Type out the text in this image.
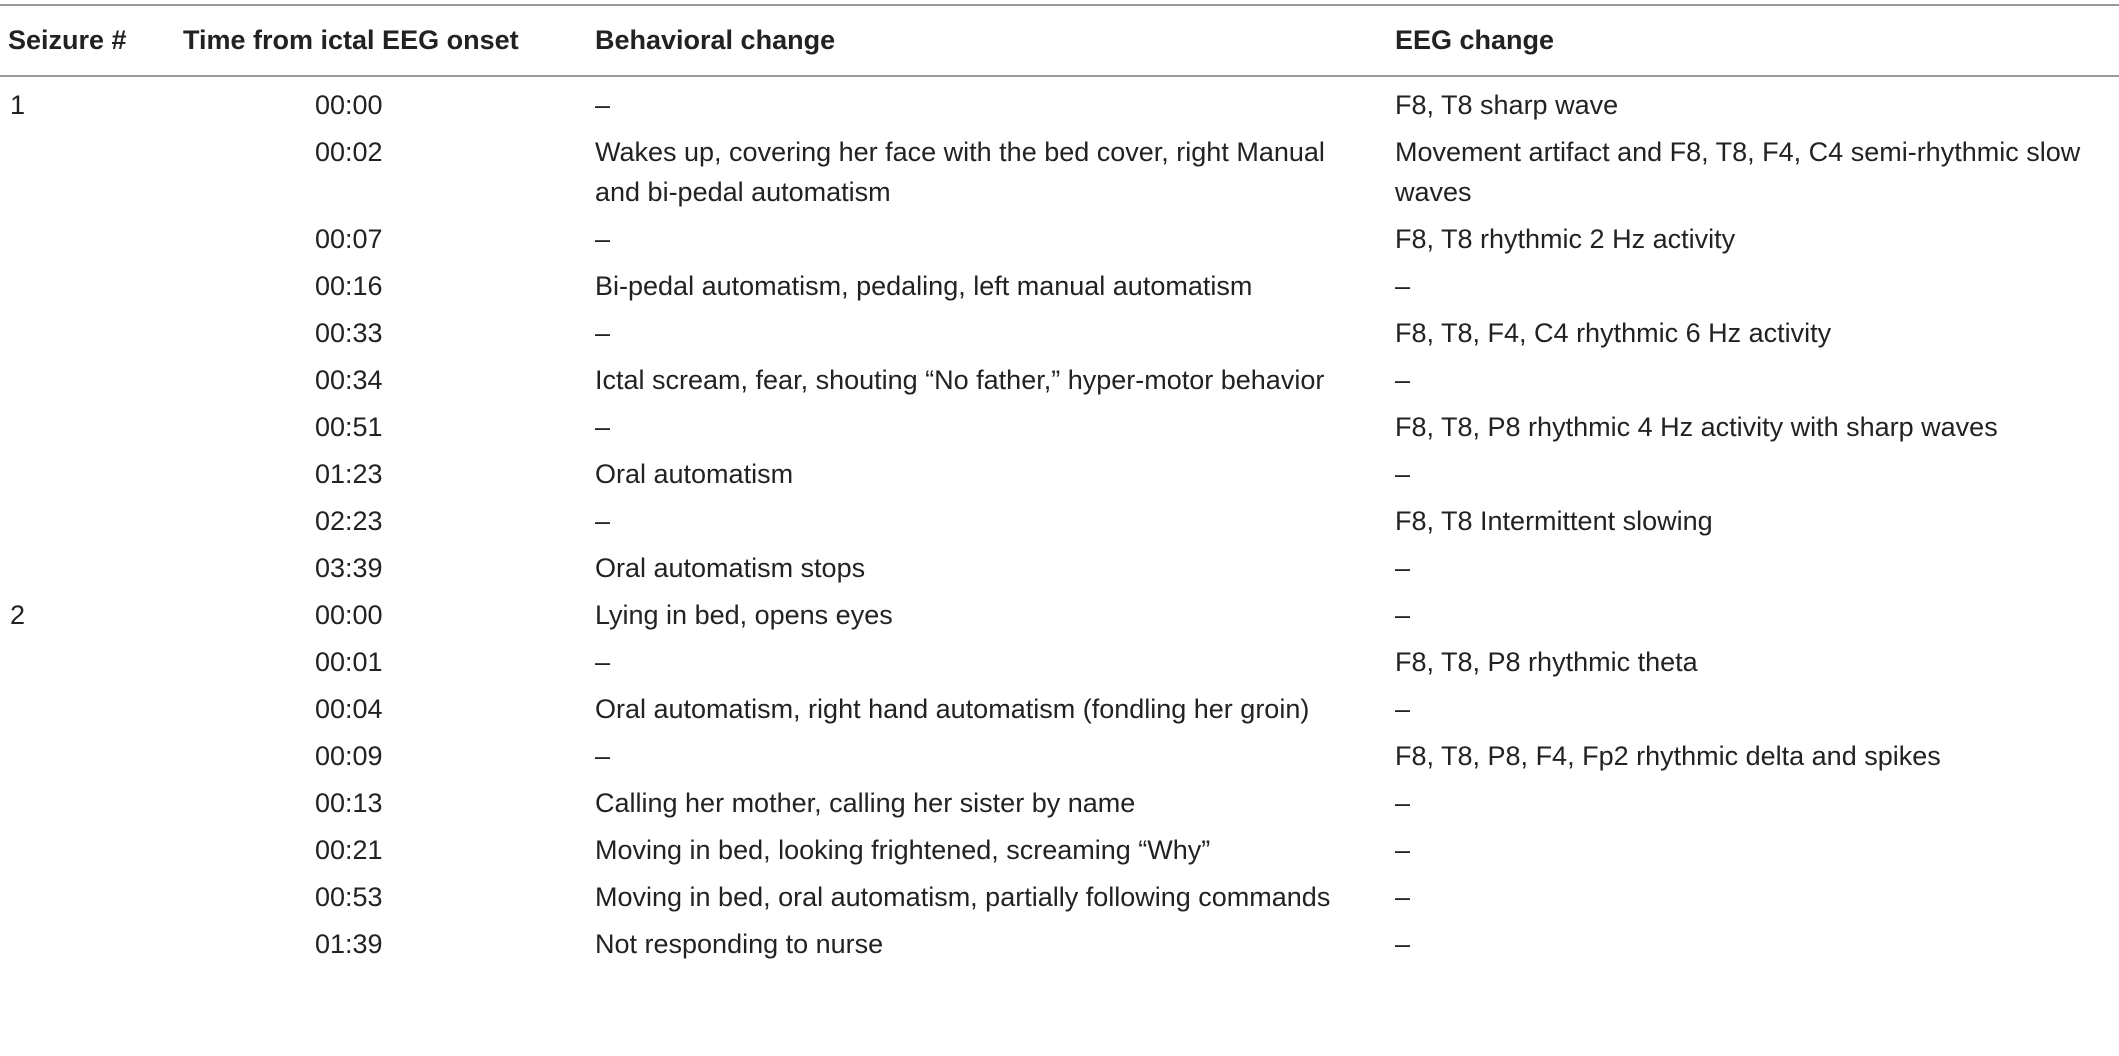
Seizure #	Time from ictal EEG onset	Behavioral change	EEG change
1	00:00	–	F8, T8 sharp wave
	00:02	Wakes up, covering her face with the bed cover, right Manual and bi-pedal automatism	Movement artifact and F8, T8, F4, C4 semi-rhythmic slow waves
	00:07	–	F8, T8 rhythmic 2 Hz activity
	00:16	Bi-pedal automatism, pedaling, left manual automatism	–
	00:33	–	F8, T8, F4, C4 rhythmic 6 Hz activity
	00:34	Ictal scream, fear, shouting “No father,” hyper-motor behavior	–
	00:51	–	F8, T8, P8 rhythmic 4 Hz activity with sharp waves
	01:23	Oral automatism	–
	02:23	–	F8, T8 Intermittent slowing
	03:39	Oral automatism stops	–
2	00:00	Lying in bed, opens eyes	–
	00:01	–	F8, T8, P8 rhythmic theta
	00:04	Oral automatism, right hand automatism (fondling her groin)	–
	00:09	–	F8, T8, P8, F4, Fp2 rhythmic delta and spikes
	00:13	Calling her mother, calling her sister by name	–
	00:21	Moving in bed, looking frightened, screaming “Why”	–
	00:53	Moving in bed, oral automatism, partially following commands	–
	01:39	Not responding to nurse	–
